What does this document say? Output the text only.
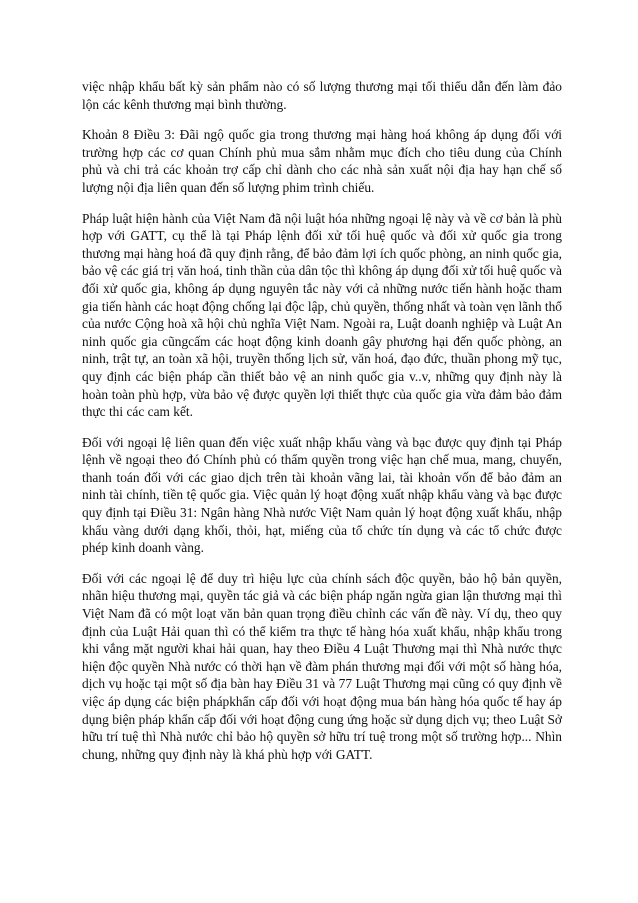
việc nhập khẩu bất kỳ sản phẩm nào có số lượng thương mại tối thiểu dẫn đến làm đảo lộn các kênh thương mại bình thường.

Khoản 8 Điều 3: Đãi ngộ quốc gia trong thương mại hàng hoá không áp dụng đối với trường hợp các cơ quan Chính phủ mua sắm nhằm mục đích cho tiêu dung của Chính phủ và chi trả các khoản trợ cấp chỉ dành cho các nhà sản xuất nội địa hay hạn chế số lượng nội địa liên quan đến số lượng phim trình chiếu.

Pháp luật hiện hành của Việt Nam đã nội luật hóa những ngoại lệ này và về cơ bản là phù hợp với GATT, cụ thể là tại Pháp lệnh đối xử tối huệ quốc và đối xử quốc gia trong thương mại hàng hoá đã quy định rằng, để bảo đảm lợi ích quốc phòng, an ninh quốc gia, bảo vệ các giá trị văn hoá, tinh thần của dân tộc thì không áp dụng đối xử tối huệ quốc và đối xử quốc gia, không áp dụng nguyên tắc này với cả những nước tiến hành hoặc tham gia tiến hành các hoạt động chống lại độc lập, chủ quyền, thống nhất và toàn vẹn lãnh thổ của nước Cộng hoà xã hội chủ nghĩa Việt Nam. Ngoài ra, Luật doanh nghiệp và Luật An ninh quốc gia cũngcấm các hoạt động kinh doanh gây phương hại đến quốc phòng, an ninh, trật tự, an toàn xã hội, truyền thống lịch sử, văn hoá, đạo đức, thuần phong mỹ tục, quy định các biện pháp cần thiết bảo vệ an ninh quốc gia v..v, những quy định này là hoàn toàn phù hợp, vừa bảo vệ được quyền lợi thiết thực của quốc gia vừa đảm bảo đảm thực thi các cam kết.

Đối với ngoại lệ liên quan đến việc xuất nhập khẩu vàng và bạc được quy định tại Pháp lệnh về ngoại theo đó Chính phủ có thẩm quyền trong việc hạn chế mua, mang, chuyển, thanh toán đối với các giao dịch trên tài khoản vãng lai, tài khoản vốn để bảo đảm an ninh tài chính, tiền tệ quốc gia. Việc quản lý hoạt động xuất nhập khẩu vàng và bạc được quy định tại Điều 31: Ngân hàng Nhà nước Việt Nam quản lý hoạt động xuất khẩu, nhập khẩu vàng dưới dạng khối, thỏi, hạt, miếng của tổ chức tín dụng và các tổ chức được phép kinh doanh vàng.

Đối với các ngoại lệ để duy trì hiệu lực của chính sách độc quyền, bảo hộ bản quyền, nhãn hiệu thương mại, quyền tác giả và các biện pháp ngăn ngừa gian lận thương mại thì Việt Nam đã có một loạt văn bản quan trọng điều chỉnh các vấn đề này. Ví dụ, theo quy định của Luật Hải quan thì có thể kiểm tra thực tế hàng hóa xuất khẩu, nhập khẩu trong khi vắng mặt người khai hải quan, hay theo Điều 4 Luật Thương mại thì Nhà nước thực hiện độc quyền Nhà nước có thời hạn về đàm phán thương mại đối với một số hàng hóa, dịch vụ hoặc tại một số địa bàn hay Điều 31 và 77 Luật Thương mại cũng có quy định về việc áp dụng các biện phápkhẩn cấp đối với hoạt động mua bán hàng hóa quốc tế hay áp dụng biện pháp khẩn cấp đối với hoạt động cung ứng hoặc sử dụng dịch vụ; theo Luật Sở hữu trí tuệ thì Nhà nước chỉ bảo hộ quyền sở hữu trí tuệ trong một số trường hợp... Nhìn chung, những quy định này là khá phù hợp với GATT.
